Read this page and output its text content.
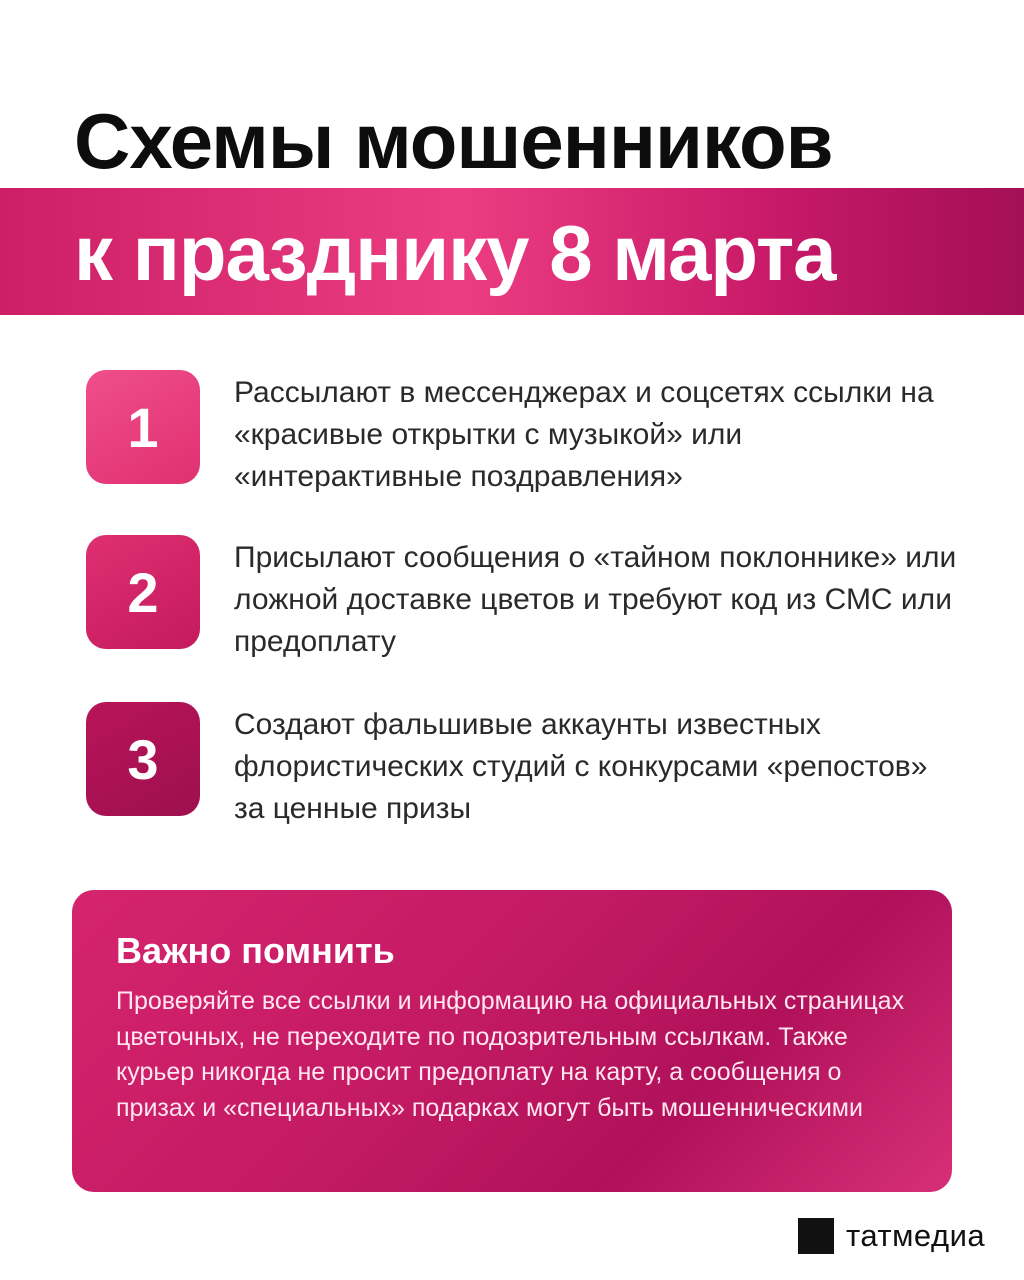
Схемы мошенников
к празднику 8 марта
1
Рассылают в мессенджерах и соцсетях ссылки на «красивые открытки с музыкой» или «интерактивные поздравления»
2
Присылают сообщения о «тайном поклоннике» или ложной доставке цветов и требуют код из СМС или предоплату
3
Создают фальшивые аккаунты известных флористических студий с конкурсами «репостов» за ценные призы
Важно помнить
Проверяйте все ссылки и информацию на официальных страницах цветочных, не переходите по подозрительным ссылкам. Также курьер никогда не просит предоплату на карту, а сообщения о призах и «специальных» подарках могут быть мошенническими
татмедиа
